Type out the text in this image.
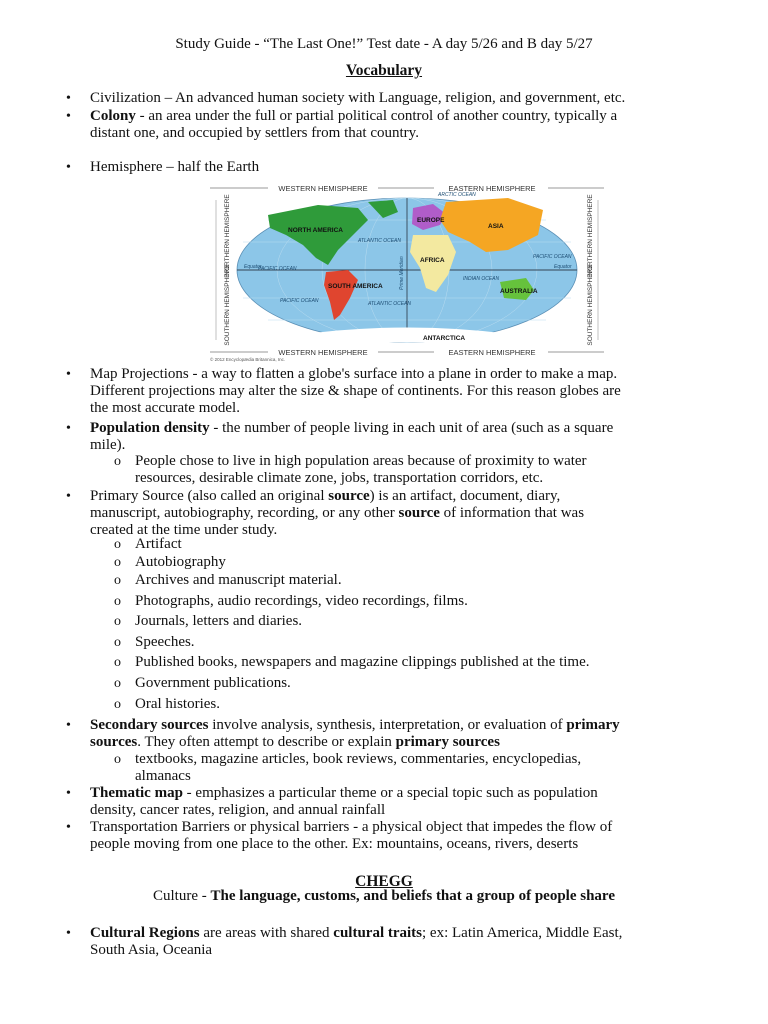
Study Guide - “The Last One!” Test date - A day 5/26 and B day 5/27
Vocabulary
• Civilization – An advanced human society with Language, religion, and government, etc.
• Colony - an area under the full or partial political control of another country, typically a
distant one, and occupied by settlers from that country.
• Hemisphere – half the Earth
WESTERN HEMISPHERE	EASTERN HEMISPHERE
WESTERN HEMISPHERE	EASTERN HEMISPHERE
NORTHERN HEMISPHERE
SOUTHERN HEMISPHERE
NORTHERN HEMISPHERE
SOUTHERN HEMISPHERE
NORTH AMERICA
SOUTH AMERICA
EUROPE
ASIA
AFRICA
AUSTRALIA
ANTARCTICA
ARCTIC OCEAN
ATLANTIC OCEAN
ATLANTIC OCEAN
PACIFIC OCEAN
PACIFIC OCEAN
PACIFIC OCEAN
INDIAN OCEAN
Equator	Equator
Prime Meridian
© 2012 Encyclopædia Britannica, Inc.
• Map Projections - a way to flatten a globe's surface into a plane in order to make a map.
Different projections may alter the size & shape of continents. For this reason globes are
the most accurate model.
• Population density - the number of people living in each unit of area (such as a square
mile).
o People chose to live in high population areas because of proximity to water
resources, desirable climate zone, jobs, transportation corridors, etc.
• Primary Source (also called an original source) is an artifact, document, diary,
manuscript, autobiography, recording, or any other source of information that was
created at the time under study.
o Artifact
o Autobiography
o Archives and manuscript material.
o Photographs, audio recordings, video recordings, films.
o Journals, letters and diaries.
o Speeches.
o Published books, newspapers and magazine clippings published at the time.
o Government publications.
o Oral histories.
• Secondary sources involve analysis, synthesis, interpretation, or evaluation of primary
sources. They often attempt to describe or explain primary sources
o textbooks, magazine articles, book reviews, commentaries, encyclopedias,
almanacs
• Thematic map - emphasizes a particular theme or a special topic such as population
density, cancer rates, religion, and annual rainfall
• Transportation Barriers or physical barriers - a physical object that impedes the flow of
people moving from one place to the other. Ex: mountains, oceans, rivers, deserts
CHEGG
Culture - The language, customs, and beliefs that a group of people share
• Cultural Regions are areas with shared cultural traits; ex: Latin America, Middle East,
South Asia, Oceania
